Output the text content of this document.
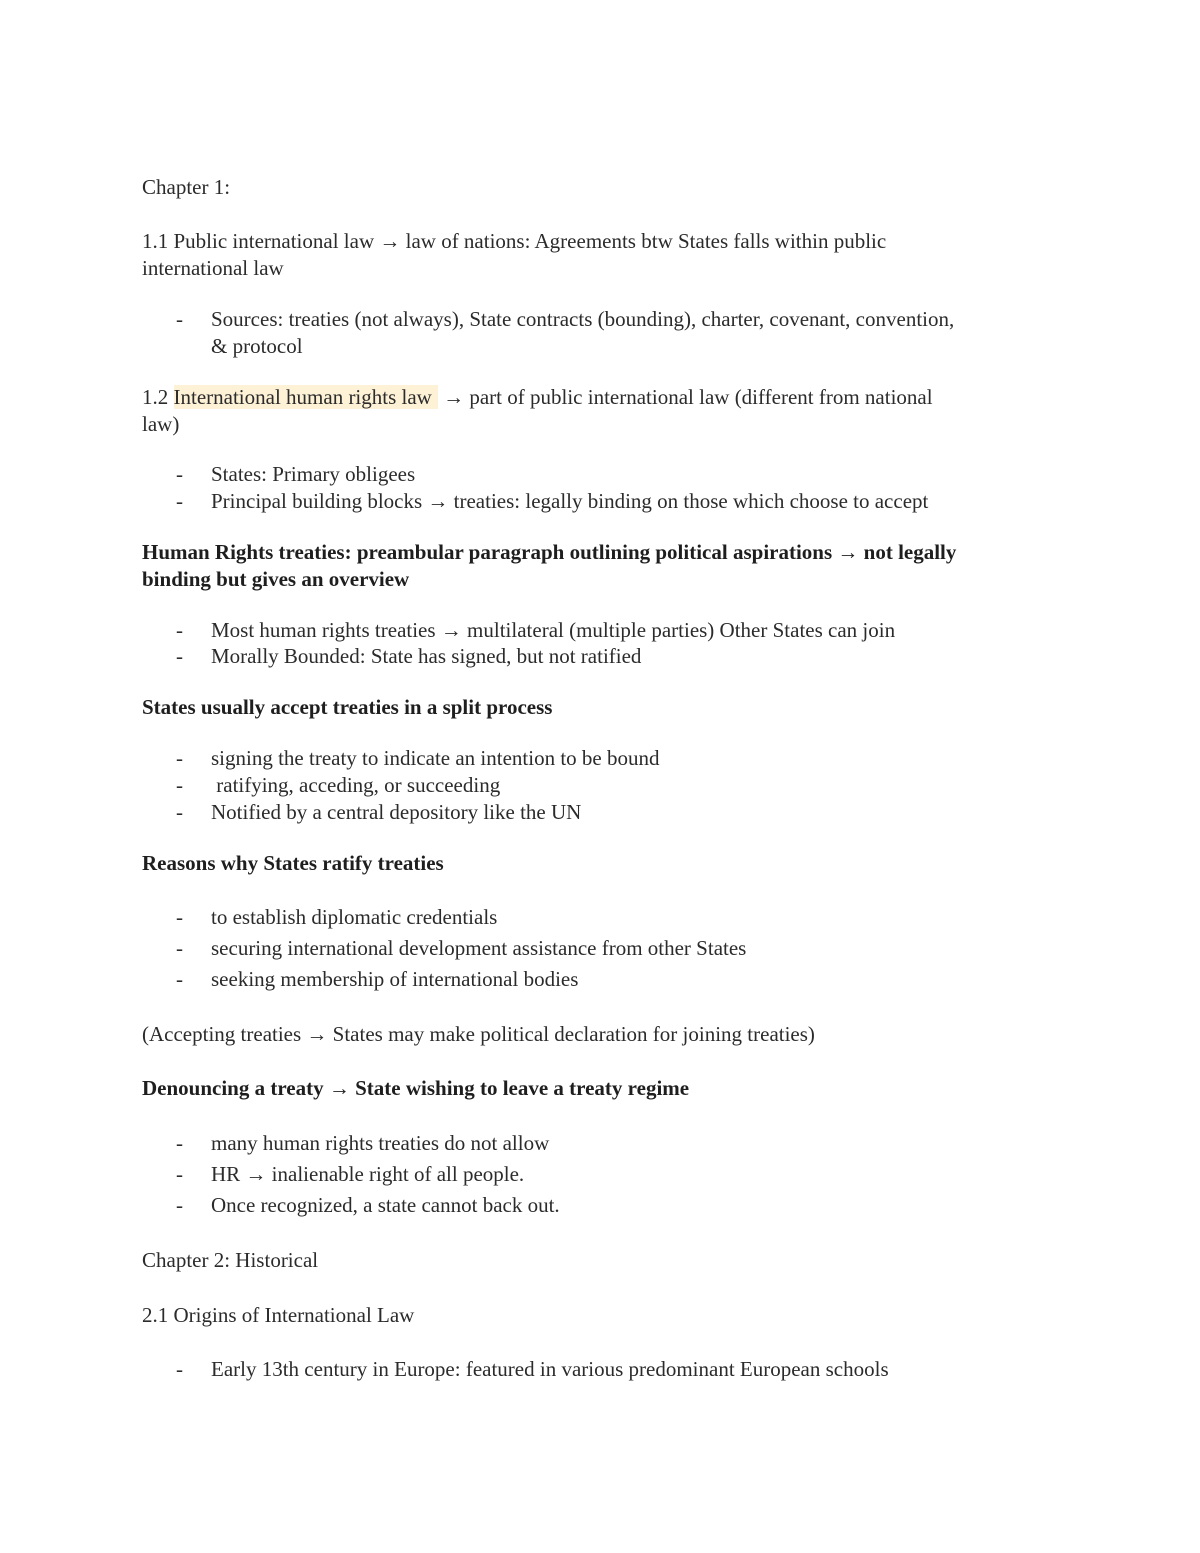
Chapter 1:
1.1 Public international law → law of nations: Agreements btw States falls within public
international law
-	Sources: treaties (not always), State contracts (bounding), charter, covenant, convention,
& protocol
1.2 International human rights law → part of public international law (different from national
law)
-	States: Primary obligees
-	Principal building blocks → treaties: legally binding on those which choose to accept
Human Rights treaties: preambular paragraph outlining political aspirations → not legally
binding but gives an overview
-	Most human rights treaties → multilateral (multiple parties) Other States can join
-	Morally Bounded: State has signed, but not ratified
States usually accept treaties in a split process
-	signing the treaty to indicate an intention to be bound
-	ratifying, acceding, or succeeding
-	Notified by a central depository like the UN
Reasons why States ratify treaties
-	to establish diplomatic credentials
-	securing international development assistance from other States
-	seeking membership of international bodies
(Accepting treaties → States may make political declaration for joining treaties)
Denouncing a treaty → State wishing to leave a treaty regime
-	many human rights treaties do not allow
-	HR → inalienable right of all people.
-	Once recognized, a state cannot back out.
Chapter 2: Historical
2.1 Origins of International Law
-	Early 13th century in Europe: featured in various predominant European schools
